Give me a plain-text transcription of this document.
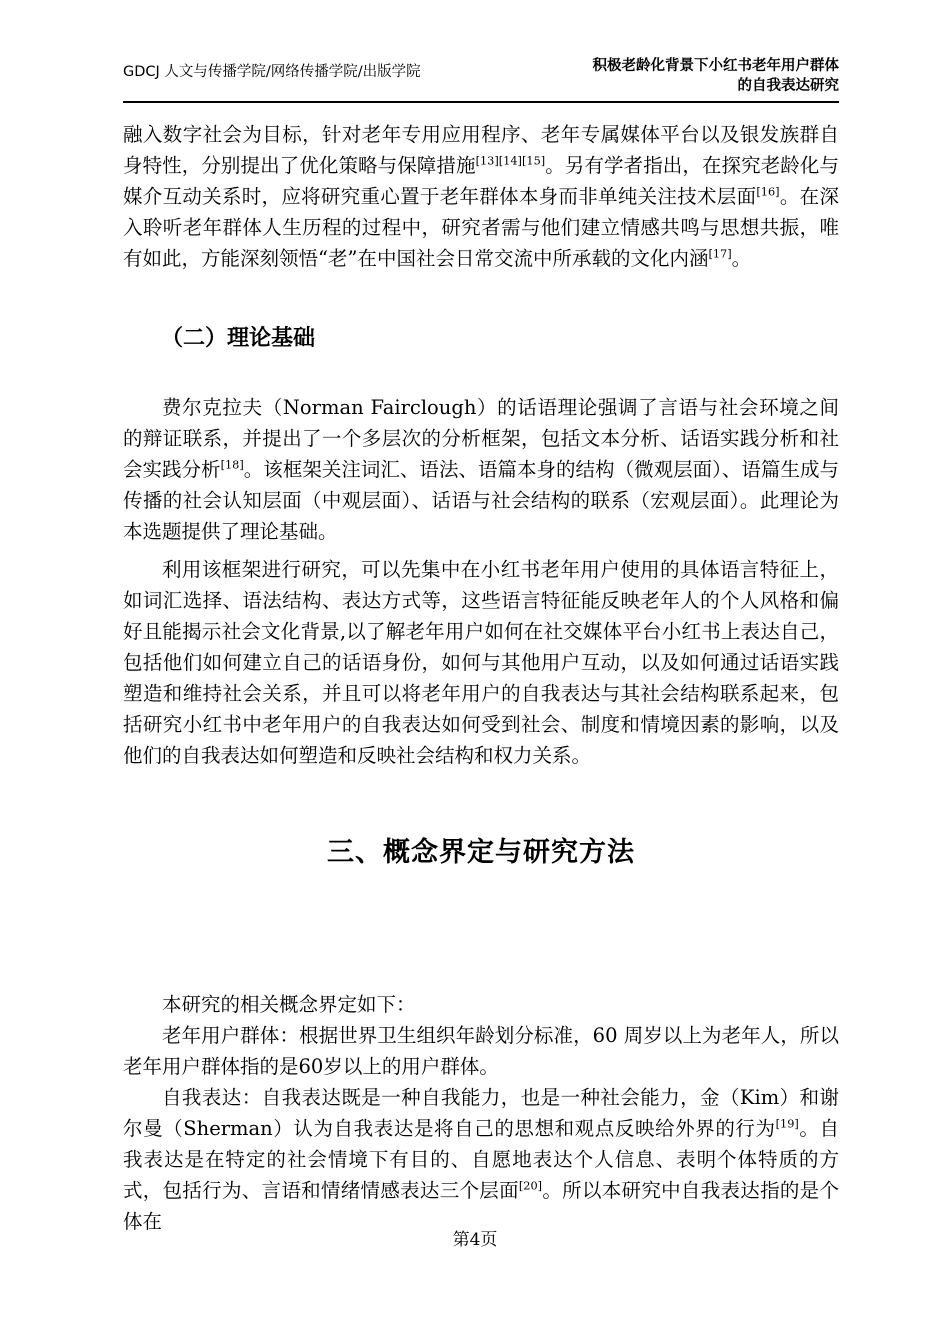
GDCJ 人文与传播学院/网络传播学院/出版学院	积极老龄化背景下小红书老年用户群体
的自我表达研究

融入数字社会为目标，针对老年专用应用程序、老年专属媒体平台以及银发族群自身特性，分别提出了优化策略与保障措施[13][14][15]。另有学者指出，在探究老龄化与媒介互动关系时，应将研究重心置于老年群体本身而非单纯关注技术层面[16]。在深入聆听老年群体人生历程的过程中，研究者需与他们建立情感共鸣与思想共振，唯有如此，方能深刻领悟“老”在中国社会日常交流中所承载的文化内涵[17]。

（二）理论基础

费尔克拉夫（Norman Fairclough）的话语理论强调了言语与社会环境之间的辩证联系，并提出了一个多层次的分析框架，包括文本分析、话语实践分析和社会实践分析[18]。该框架关注词汇、语法、语篇本身的结构（微观层面）、语篇生成与传播的社会认知层面（中观层面）、话语与社会结构的联系（宏观层面）。此理论为本选题提供了理论基础。

利用该框架进行研究，可以先集中在小红书老年用户使用的具体语言特征上，如词汇选择、语法结构、表达方式等，这些语言特征能反映老年人的个人风格和偏好且能揭示社会文化背景,以了解老年用户如何在社交媒体平台小红书上表达自己，包括他们如何建立自己的话语身份，如何与其他用户互动，以及如何通过话语实践塑造和维持社会关系，并且可以将老年用户的自我表达与其社会结构联系起来，包括研究小红书中老年用户的自我表达如何受到社会、制度和情境因素的影响，以及他们的自我表达如何塑造和反映社会结构和权力关系。

三、概念界定与研究方法

本研究的相关概念界定如下：

老年用户群体：根据世界卫生组织年龄划分标准，60 周岁以上为老年人，所以老年用户群体指的是60岁以上的用户群体。

自我表达：自我表达既是一种自我能力，也是一种社会能力，金（Kim）和谢尔曼（Sherman）认为自我表达是将自己的思想和观点反映给外界的行为[19]。自我表达是在特定的社会情境下有目的、自愿地表达个人信息、表明个体特质的方式，包括行为、言语和情绪情感表达三个层面[20]。所以本研究中自我表达指的是个体在

第4页
